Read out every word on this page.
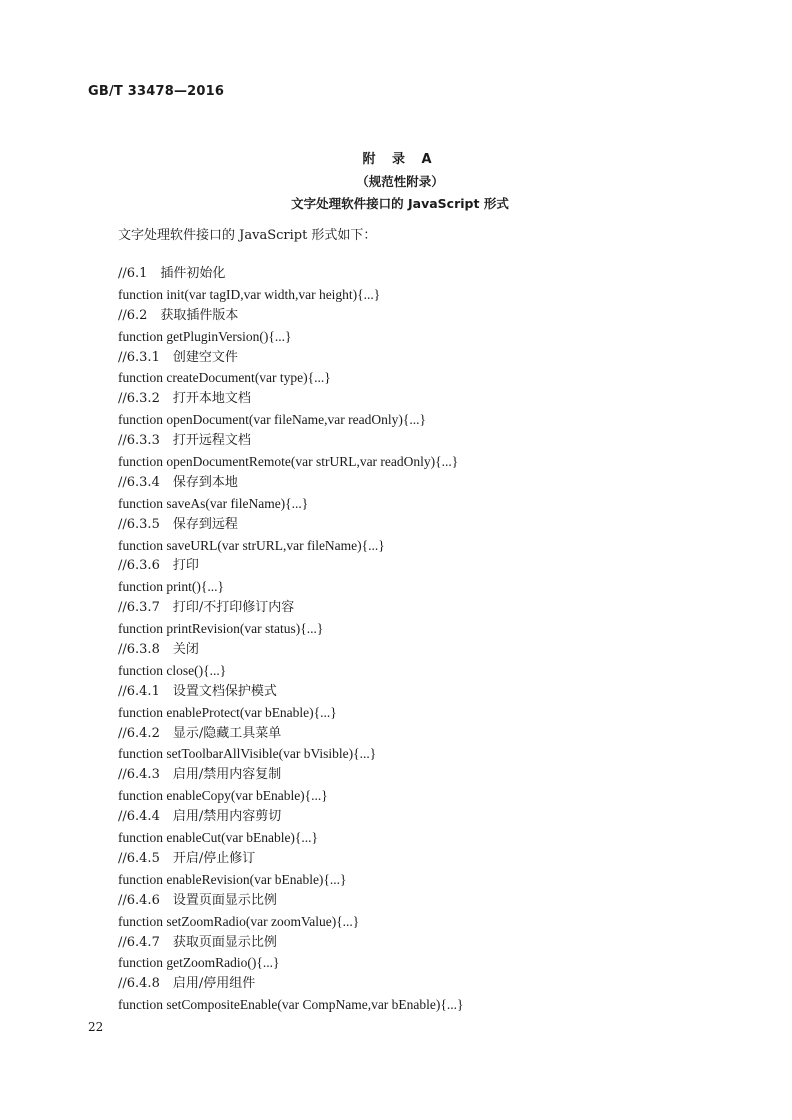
GB/T 33478—2016
附 录 A
（规范性附录）
文字处理软件接口的 JavaScript 形式
文字处理软件接口的 JavaScript 形式如下：
//6.1　插件初始化
function init(var tagID,var width,var height){...}
//6.2　获取插件版本
function getPluginVersion(){...}
//6.3.1　创建空文件
function createDocument(var type){...}
//6.3.2　打开本地文档
function openDocument(var fileName,var readOnly){...}
//6.3.3　打开远程文档
function openDocumentRemote(var strURL,var readOnly){...}
//6.3.4　保存到本地
function saveAs(var fileName){...}
//6.3.5　保存到远程
function saveURL(var strURL,var fileName){...}
//6.3.6　打印
function print(){...}
//6.3.7　打印/不打印修订内容
function printRevision(var status){...}
//6.3.8　关闭
function close(){...}
//6.4.1　设置文档保护模式
function enableProtect(var bEnable){...}
//6.4.2　显示/隐藏工具菜单
function setToolbarAllVisible(var bVisible){...}
//6.4.3　启用/禁用内容复制
function enableCopy(var bEnable){...}
//6.4.4　启用/禁用内容剪切
function enableCut(var bEnable){...}
//6.4.5　开启/停止修订
function enableRevision(var bEnable){...}
//6.4.6　设置页面显示比例
function setZoomRadio(var zoomValue){...}
//6.4.7　获取页面显示比例
function getZoomRadio(){...}
//6.4.8　启用/停用组件
function setCompositeEnable(var CompName,var bEnable){...}
22
